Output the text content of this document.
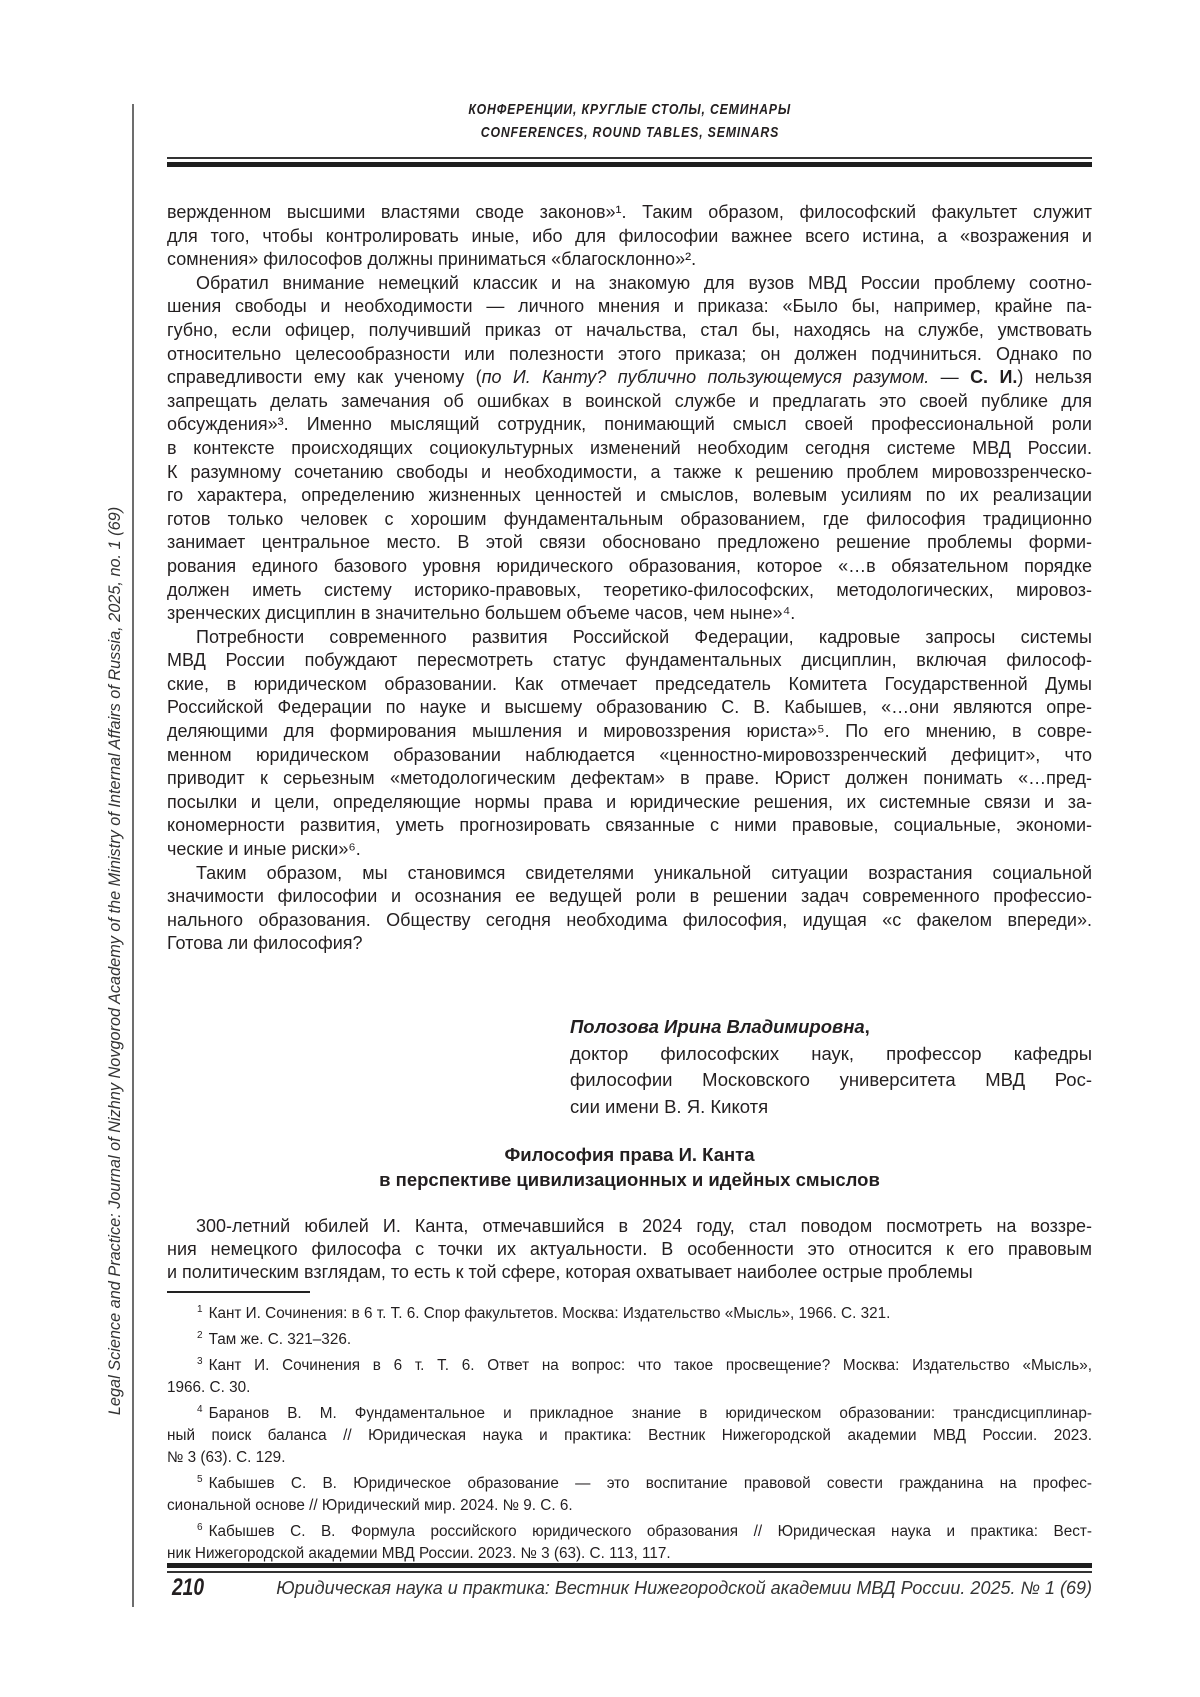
Legal Science and Practice: Journal of Nizhny Novgorod Academy of the Ministry of Internal Affairs of Russia, 2025, no. 1 (69)
КОНФЕРЕНЦИИ, КРУГЛЫЕ СТОЛЫ, СЕМИНАРЫ
CONFERENCES, ROUND TABLES, SEMINARS
вержденном высшими властями своде законов»¹. Таким образом, философский факультет служит
для того, чтобы контролировать иные, ибо для философии важнее всего истина, а «возражения и
сомнения» философов должны приниматься «благосклонно»².
Обратил внимание немецкий классик и на знакомую для вузов МВД России проблему соотно-
шения свободы и необходимости — личного мнения и приказа: «Было бы, например, крайне па-
губно, если офицер, получивший приказ от начальства, стал бы, находясь на службе, умствовать
относительно целесообразности или полезности этого приказа; он должен подчиниться. Однако по
справедливости ему как ученому (по И. Канту? публично пользующемуся разумом. — С. И.) нельзя
запрещать делать замечания об ошибках в воинской службе и предлагать это своей публике для
обсуждения»³. Именно мыслящий сотрудник, понимающий смысл своей профессиональной роли
в контексте происходящих социокультурных изменений необходим сегодня системе МВД России.
К разумному сочетанию свободы и необходимости, а также к решению проблем мировоззренческо-
го характера, определению жизненных ценностей и смыслов, волевым усилиям по их реализации
готов только человек с хорошим фундаментальным образованием, где философия традиционно
занимает центральное место. В этой связи обосновано предложено решение проблемы форми-
рования единого базового уровня юридического образования, которое «…в обязательном порядке
должен иметь систему историко-правовых, теоретико-философских, методологических, мировоз-
зренческих дисциплин в значительно большем объеме часов, чем ныне»⁴.
Потребности современного развития Российской Федерации, кадровые запросы системы
МВД России побуждают пересмотреть статус фундаментальных дисциплин, включая философ-
ские, в юридическом образовании. Как отмечает председатель Комитета Государственной Думы
Российской Федерации по науке и высшему образованию С. В. Кабышев, «…они являются опре-
деляющими для формирования мышления и мировоззрения юриста»⁵. По его мнению, в совре-
менном юридическом образовании наблюдается «ценностно-мировоззренческий дефицит», что
приводит к серьезным «методологическим дефектам» в праве. Юрист должен понимать «…пред-
посылки и цели, определяющие нормы права и юридические решения, их системные связи и за-
кономерности развития, уметь прогнозировать связанные с ними правовые, социальные, экономи-
ческие и иные риски»⁶.
Таким образом, мы становимся свидетелями уникальной ситуации возрастания социальной
значимости философии и осознания ее ведущей роли в решении задач современного профессио-
нального образования. Обществу сегодня необходима философия, идущая «с факелом впереди».
Готова ли философия?
Полозова Ирина Владимировна,
доктор философских наук, профессор кафедры
философии Московского университета МВД Рос-
сии имени В. Я. Кикотя
Философия права И. Канта
в перспективе цивилизационных и идейных смыслов
300-летний юбилей И. Канта, отмечавшийся в 2024 году, стал поводом посмотреть на воззре-
ния немецкого философа с точки их актуальности. В особенности это относится к его правовым
и политическим взглядам, то есть к той сфере, которая охватывает наиболее острые проблемы
$^1$ Кант И. Сочинения: в 6 т. Т. 6. Спор факультетов. Москва: Издательство «Мысль», 1966. С. 321.
$^2$ Там же. С. 321–326.
$^3$ Кант И. Сочинения в 6 т. Т. 6. Ответ на вопрос: что такое просвещение? Москва: Издательство «Мысль»,
1966. С. 30.
$^4$ Баранов В. М. Фундаментальное и прикладное знание в юридическом образовании: трансдисциплинар-
ный поиск баланса // Юридическая наука и практика: Вестник Нижегородской академии МВД России. 2023.
№ 3 (63). С. 129.
$^5$ Кабышев С. В. Юридическое образование — это воспитание правовой совести гражданина на профес-
сиональной основе // Юридический мир. 2024. № 9. С. 6.
$^6$ Кабышев С. В. Формула российского юридического образования // Юридическая наука и практика: Вест-
ник Нижегородской академии МВД России. 2023. № 3 (63). С. 113, 117.
210	Юридическая наука и практика: Вестник Нижегородской академии МВД России. 2025. № 1 (69)
